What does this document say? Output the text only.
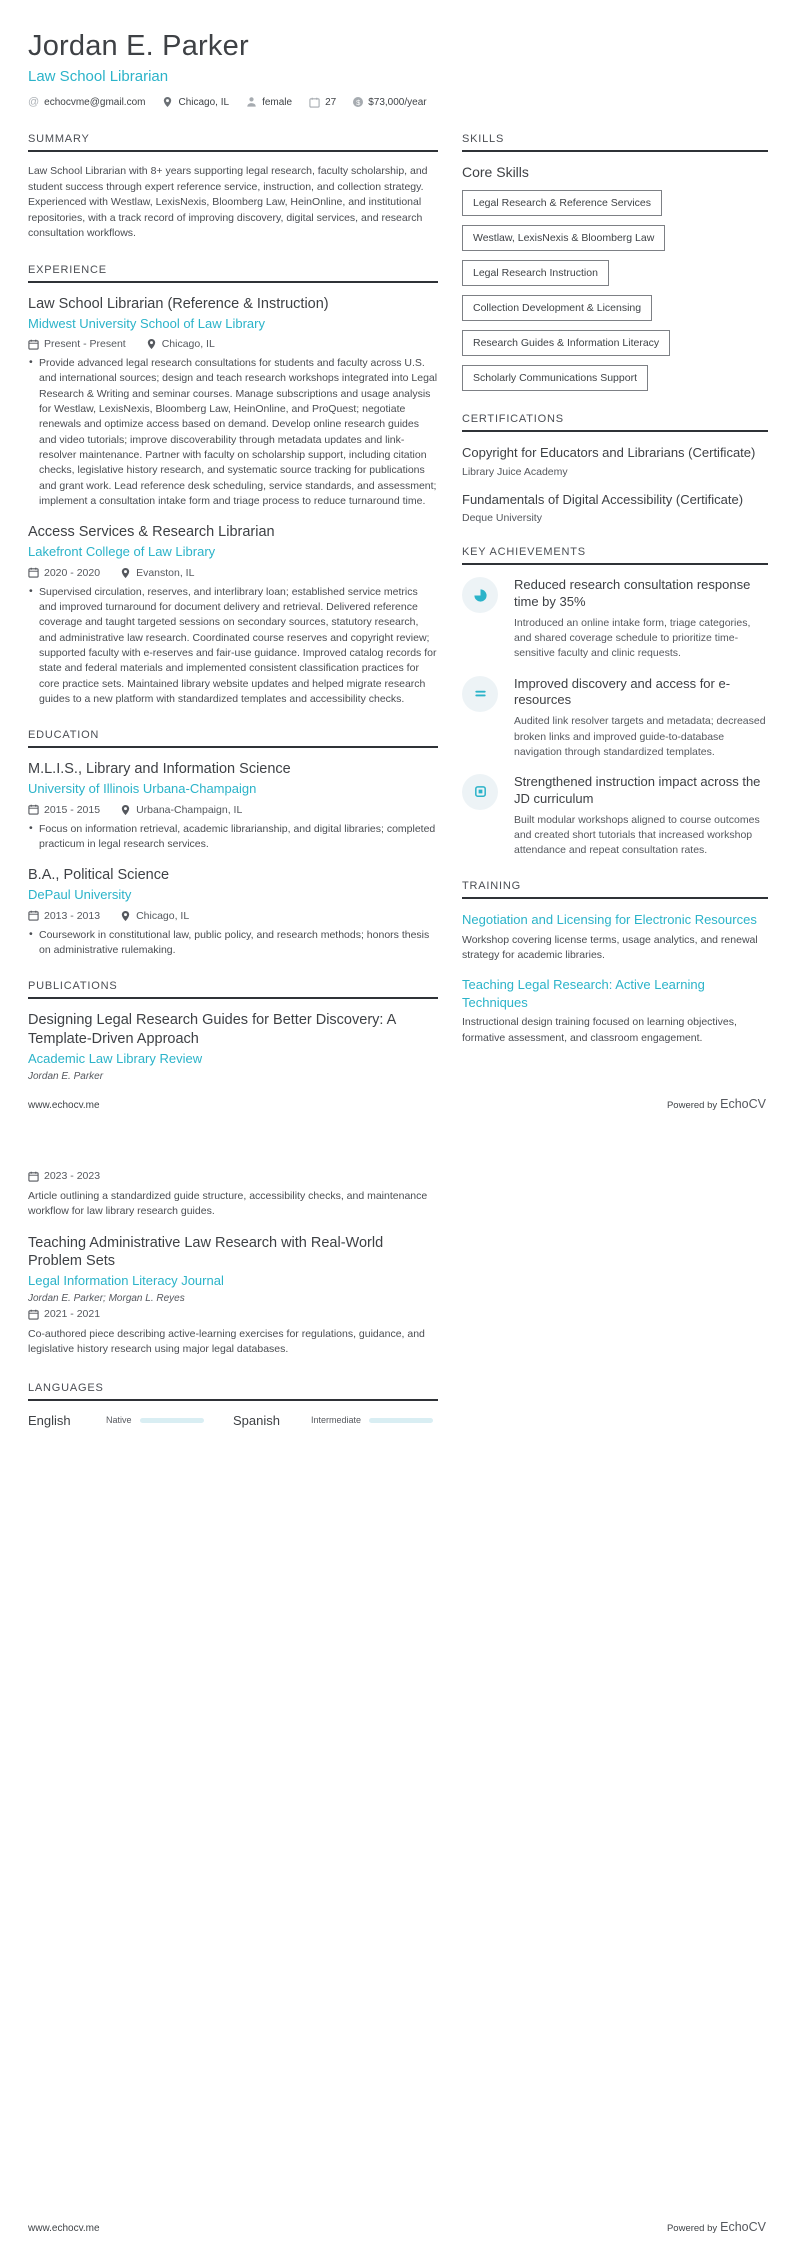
Jordan E. Parker
Law School Librarian
@ echocvme@gmail.com	Chicago, IL	female	27	$ $73,000/year
SUMMARY
Law School Librarian with 8+ years supporting legal research, faculty scholarship, and student success through expert reference service, instruction, and collection strategy. Experienced with Westlaw, LexisNexis, Bloomberg Law, HeinOnline, and institutional repositories, with a track record of improving discovery, digital services, and research consultation workflows.
EXPERIENCE
Law School Librarian (Reference & Instruction)
Midwest University School of Law Library
Present - Present	Chicago, IL
• Provide advanced legal research consultations for students and faculty across U.S. and international sources; design and teach research workshops integrated into Legal Research & Writing and seminar courses. Manage subscriptions and usage analysis for Westlaw, LexisNexis, Bloomberg Law, HeinOnline, and ProQuest; negotiate renewals and optimize access based on demand. Develop online research guides and video tutorials; improve discoverability through metadata updates and link-resolver maintenance. Partner with faculty on scholarship support, including citation checks, legislative history research, and systematic source tracking for publications and grant work. Lead reference desk scheduling, service standards, and assessment; implement a consultation intake form and triage process to reduce turnaround time.
Access Services & Research Librarian
Lakefront College of Law Library
2020 - 2020	Evanston, IL
• Supervised circulation, reserves, and interlibrary loan; established service metrics and improved turnaround for document delivery and retrieval. Delivered reference coverage and taught targeted sessions on secondary sources, statutory research, and administrative law research. Coordinated course reserves and copyright review; supported faculty with e-reserves and fair-use guidance. Improved catalog records for state and federal materials and implemented consistent classification practices for core practice sets. Maintained library website updates and helped migrate research guides to a new platform with standardized templates and accessibility checks.
EDUCATION
M.L.I.S., Library and Information Science
University of Illinois Urbana-Champaign
2015 - 2015	Urbana-Champaign, IL
• Focus on information retrieval, academic librarianship, and digital libraries; completed practicum in legal research services.
B.A., Political Science
DePaul University
2013 - 2013	Chicago, IL
• Coursework in constitutional law, public policy, and research methods; honors thesis on administrative rulemaking.
PUBLICATIONS
Designing Legal Research Guides for Better Discovery: A Template-Driven Approach
Academic Law Library Review
Jordan E. Parker
SKILLS
Core Skills
Legal Research & Reference Services
Westlaw, LexisNexis & Bloomberg Law
Legal Research Instruction
Collection Development & Licensing
Research Guides & Information Literacy
Scholarly Communications Support
CERTIFICATIONS
Copyright for Educators and Librarians (Certificate)
Library Juice Academy
Fundamentals of Digital Accessibility (Certificate)
Deque University
KEY ACHIEVEMENTS
Reduced research consultation response time by 35%
Introduced an online intake form, triage categories, and shared coverage schedule to prioritize time-sensitive faculty and clinic requests.
Improved discovery and access for e-resources
Audited link resolver targets and metadata; decreased broken links and improved guide-to-database navigation through standardized templates.
Strengthened instruction impact across the JD curriculum
Built modular workshops aligned to course outcomes and created short tutorials that increased workshop attendance and repeat consultation rates.
TRAINING
Negotiation and Licensing for Electronic Resources
Workshop covering license terms, usage analytics, and renewal strategy for academic libraries.
Teaching Legal Research: Active Learning Techniques
Instructional design training focused on learning objectives, formative assessment, and classroom engagement.
www.echocv.me	Powered by EchoCV
2023 - 2023
Article outlining a standardized guide structure, accessibility checks, and maintenance workflow for law library research guides.
Teaching Administrative Law Research with Real-World Problem Sets
Legal Information Literacy Journal
Jordan E. Parker; Morgan L. Reyes
2021 - 2021
Co-authored piece describing active-learning exercises for regulations, guidance, and legislative history research using major legal databases.
LANGUAGES
English	Native	Spanish	Intermediate
www.echocv.me	Powered by EchoCV
